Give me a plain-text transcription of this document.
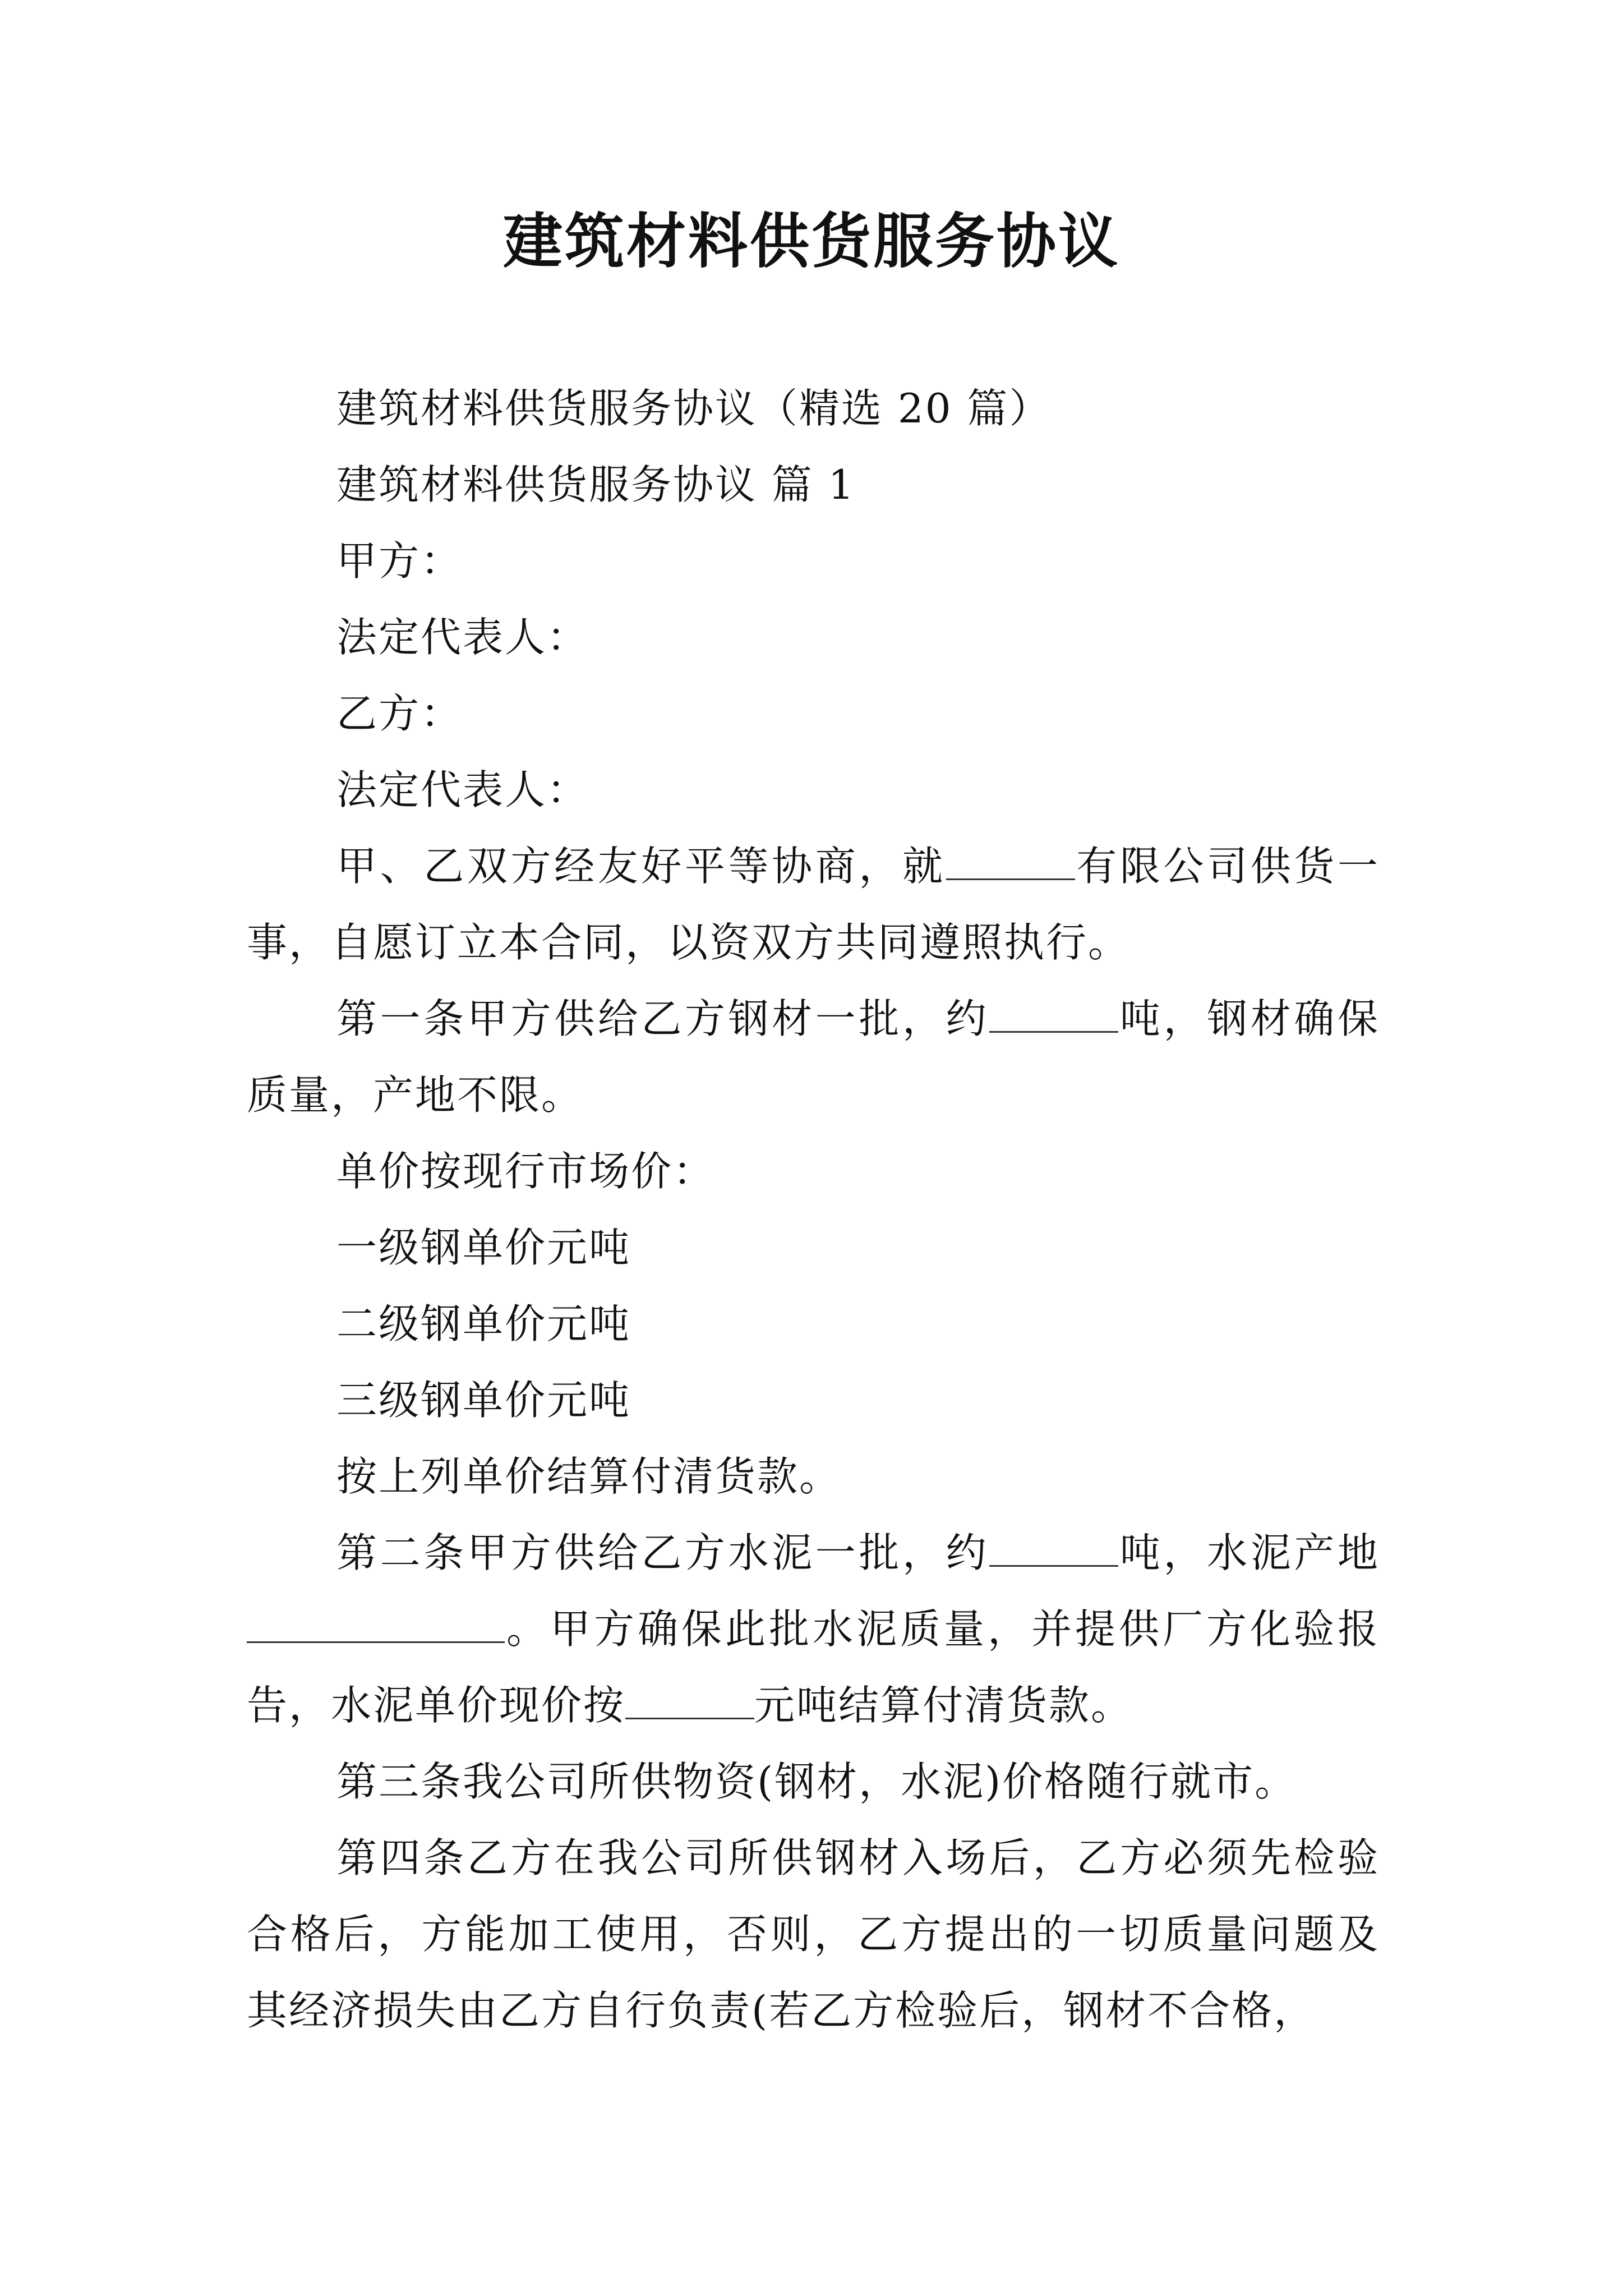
建筑材料供货服务协议

建筑材料供货服务协议（精选 20 篇）

建筑材料供货服务协议 篇 1

甲方：

法定代表人：

乙方：

法定代表人：

甲、乙双方经友好平等协商，就	有限公司供货一事，自愿订立本合同，以资双方共同遵照执行。

第一条甲方供给乙方钢材一批，约	吨，钢材确保质量，产地不限。

单价按现行市场价：

一级钢单价元吨

二级钢单价元吨

三级钢单价元吨

按上列单价结算付清货款。

第二条甲方供给乙方水泥一批，约	吨，水泥产地。甲方确保此批水泥质量，并提供厂方化验报告，水泥单价现价按	元吨结算付清货款。

第三条我公司所供物资(钢材，水泥)价格随行就市。

第四条乙方在我公司所供钢材入场后，乙方必须先检验合格后，方能加工使用，否则，乙方提出的一切质量问题及其经济损失由乙方自行负责(若乙方检验后，钢材不合格，
